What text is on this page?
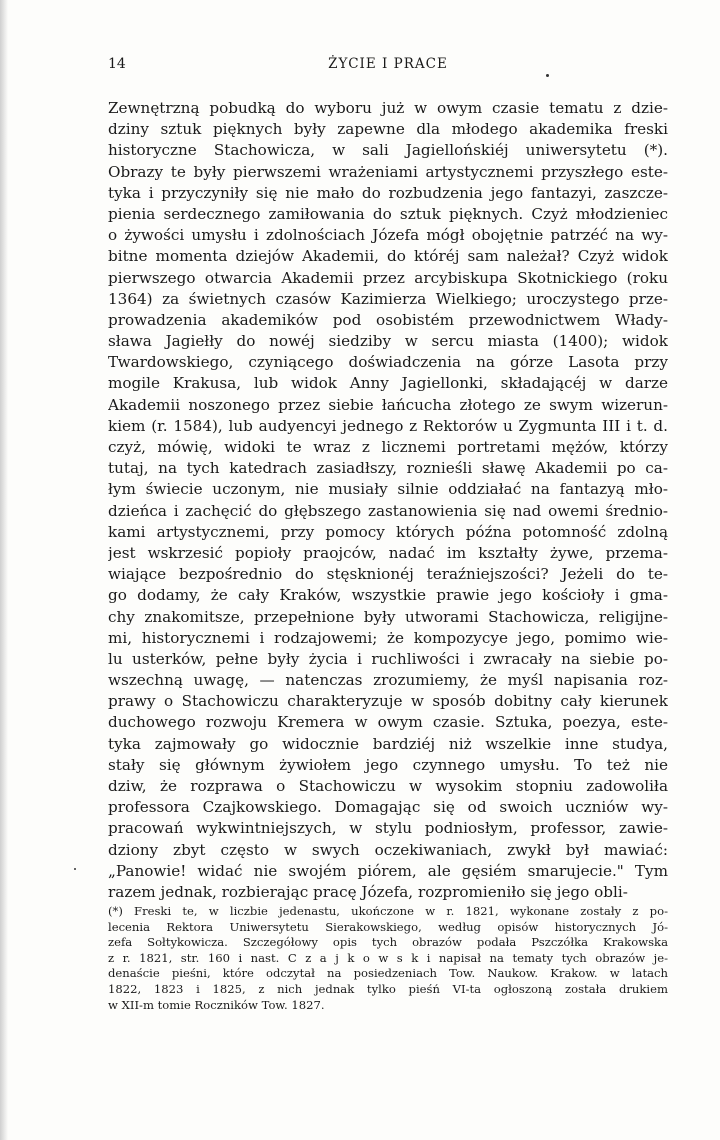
14	ŻYCIE I PRACE
Zewnętrzną pobudką do wyboru już w owym czasie tematu z dzie-
dziny sztuk pięknych były zapewne dla młodego akademika freski
historyczne Stachowicza, w sali Jagiellońskiéj uniwersytetu (*).
Obrazy te były pierwszemi wrażeniami artystycznemi przyszłego este-
tyka i przyczyniły się nie mało do rozbudzenia jego fantazyi, zaszcze-
pienia serdecznego zamiłowania do sztuk pięknych. Czyż młodzieniec
o żywości umysłu i zdolnościach Józefa mógł obojętnie patrzéć na wy-
bitne momenta dziejów Akademii, do któréj sam należał? Czyż widok
pierwszego otwarcia Akademii przez arcybiskupa Skotnickiego (roku
1364) za świetnych czasów Kazimierza Wielkiego; uroczystego prze-
prowadzenia akademików pod osobistém przewodnictwem Włady-
sława Jagiełły do nowéj siedziby w sercu miasta (1400); widok
Twardowskiego, czyniącego doświadczenia na górze Lasota przy
mogile Krakusa, lub widok Anny Jagiellonki, składającéj w darze
Akademii noszonego przez siebie łańcucha złotego ze swym wizerun-
kiem (r. 1584), lub audyencyi jednego z Rektorów u Zygmunta III i t. d.
czyż, mówię, widoki te wraz z licznemi portretami mężów, którzy
tutaj, na tych katedrach zasiadłszy, roznieśli sławę Akademii po ca-
łym świecie uczonym, nie musiały silnie oddziałać na fantazyą mło-
dzieńca i zachęcić do głębszego zastanowienia się nad owemi średnio-
kami artystycznemi, przy pomocy których późna potomność zdolną
jest wskrzesić popioły praojców, nadać im kształty żywe, przema-
wiające bezpośrednio do stęsknionéj teraźniejszości? Jeżeli do te-
go dodamy, że cały Kraków, wszystkie prawie jego kościoły i gma-
chy znakomitsze, przepełnione były utworami Stachowicza, religijne-
mi, historycznemi i rodzajowemi; że kompozycye jego, pomimo wie-
lu usterków, pełne były życia i ruchliwości i zwracały na siebie po-
wszechną uwagę, — natenczas zrozumiemy, że myśl napisania roz-
prawy o Stachowiczu charakteryzuje w sposób dobitny cały kierunek
duchowego rozwoju Kremera w owym czasie. Sztuka, poezya, este-
tyka zajmowały go widocznie bardziéj niż wszelkie inne studya,
stały się głównym żywiołem jego czynnego umysłu. To też nie
dziw, że rozprawa o Stachowiczu w wysokim stopniu zadowoliła
professora Czajkowskiego. Domagając się od swoich uczniów wy-
pracowań wykwintniejszych, w stylu podniosłym, professor, zawie-
dziony zbyt często w swych oczekiwaniach, zwykł był mawiać:
„Panowie! widać nie swojém piórem, ale gęsiém smarujecie." Tym
razem jednak, rozbierając pracę Józefa, rozpromieniło się jego obli-
(*) Freski te, w liczbie jedenastu, ukończone w r. 1821, wykonane zostały z po-
lecenia Rektora Uniwersytetu Sierakowskiego, według opisów historycznych Jó-
zefa Sołtykowicza. Szczegółowy opis tych obrazów podała Pszczółka Krakowska
z r. 1821, str. 160 i nast. C z a j k o w s k i napisał na tematy tych obrazów je-
denaście pieśni, które odczytał na posiedzeniach Tow. Naukow. Krakow. w latach
1822, 1823 i 1825, z nich jednak tylko pieśń VI-ta ogłoszoną została drukiem
w XII-m tomie Roczników Tow. 1827.
